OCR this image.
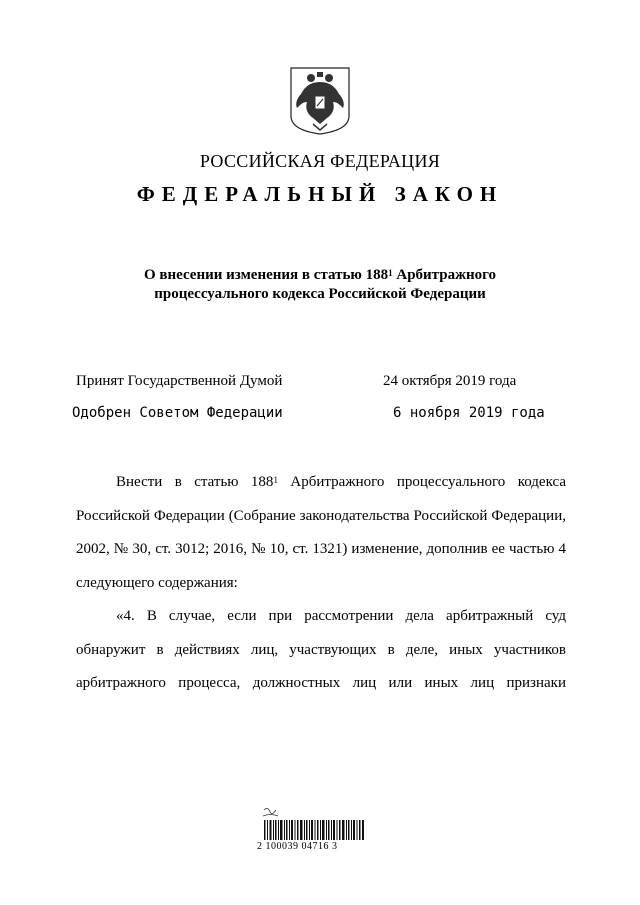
РОССИЙСКАЯ ФЕДЕРАЦИЯ
ФЕДЕРАЛЬНЫЙ ЗАКОН
О внесении изменения в статью $188^1$ Арбитражного
процессуального кодекса Российской Федерации
Принят Государственной Думой	24 октября 2019 года
Одобрен Советом Федерации	6 ноября 2019 года

Внести в статью $188^1$ Арбитражного процессуального кодекса Российской Федерации (Собрание законодательства Российской Федерации, 2002, № 30, ст. 3012; 2016, № 10, ст. 1321) изменение, дополнив ее частью 4 следующего содержания:

«4. В случае, если при рассмотрении дела арбитражный суд обнаружит в действиях лиц, участвующих в деле, иных участников арбитражного процесса, должностных лиц или иных лиц признаки

2 100039 04716 3
